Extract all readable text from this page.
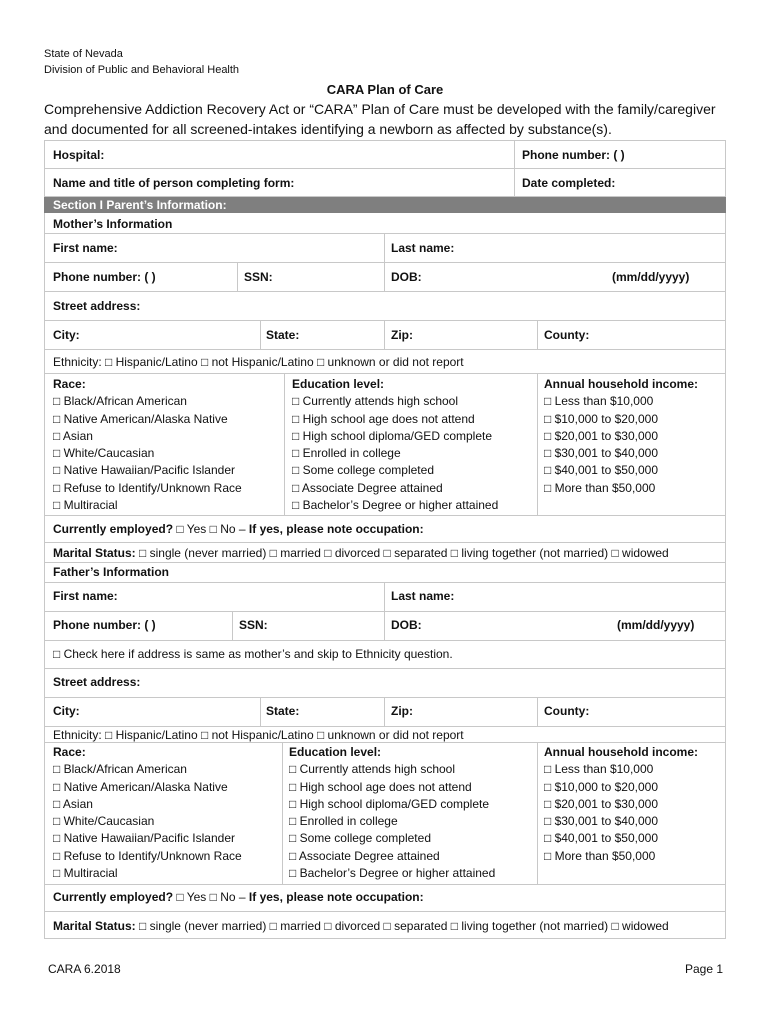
State of Nevada
Division of Public and Behavioral Health
CARA Plan of Care
Comprehensive Addiction Recovery Act or “CARA” Plan of Care must be developed with the family/caregiver
and documented for all screened-intakes identifying a newborn as affected by substance(s).
Hospital:	Phone number: ( )
Name and title of person completing form:	Date completed:
Section I Parent’s Information:
Mother’s Information
First name:	Last name:
Phone number: ( )	SSN:	DOB:	(mm/dd/yyyy)
Street address:
City:	State:	Zip:	County:
Ethnicity: □ Hispanic/Latino □ not Hispanic/Latino □ unknown or did not report
Race:
□ Black/African American
□ Native American/Alaska Native
□ Asian
□ White/Caucasian
□ Native Hawaiian/Pacific Islander
□ Refuse to Identify/Unknown Race
□ Multiracial
Education level:
□ Currently attends high school
□ High school age does not attend
□ High school diploma/GED complete
□ Enrolled in college
□ Some college completed
□ Associate Degree attained
□ Bachelor’s Degree or higher attained
Annual household income:
□ Less than $10,000
□ $10,000 to $20,000
□ $20,001 to $30,000
□ $30,001 to $40,000
□ $40,001 to $50,000
□ More than $50,000
Currently employed? □ Yes □ No – If yes, please note occupation:
Marital Status: □ single (never married) □ married □ divorced □ separated □ living together (not married) □ widowed
Father’s Information
First name:	Last name:
Phone number: ( )	SSN:	DOB:	(mm/dd/yyyy)
□ Check here if address is same as mother’s and skip to Ethnicity question.
Street address:
City:	State:	Zip:	County:
Ethnicity: □ Hispanic/Latino □ not Hispanic/Latino □ unknown or did not report
Race:
□ Black/African American
□ Native American/Alaska Native
□ Asian
□ White/Caucasian
□ Native Hawaiian/Pacific Islander
□ Refuse to Identify/Unknown Race
□ Multiracial
Education level:
□ Currently attends high school
□ High school age does not attend
□ High school diploma/GED complete
□ Enrolled in college
□ Some college completed
□ Associate Degree attained
□ Bachelor’s Degree or higher attained
Annual household income:
□ Less than $10,000
□ $10,000 to $20,000
□ $20,001 to $30,000
□ $30,001 to $40,000
□ $40,001 to $50,000
□ More than $50,000
Currently employed? □ Yes □ No – If yes, please note occupation:
Marital Status: □ single (never married) □ married □ divorced □ separated □ living together (not married) □ widowed
CARA 6.2018	Page 1
